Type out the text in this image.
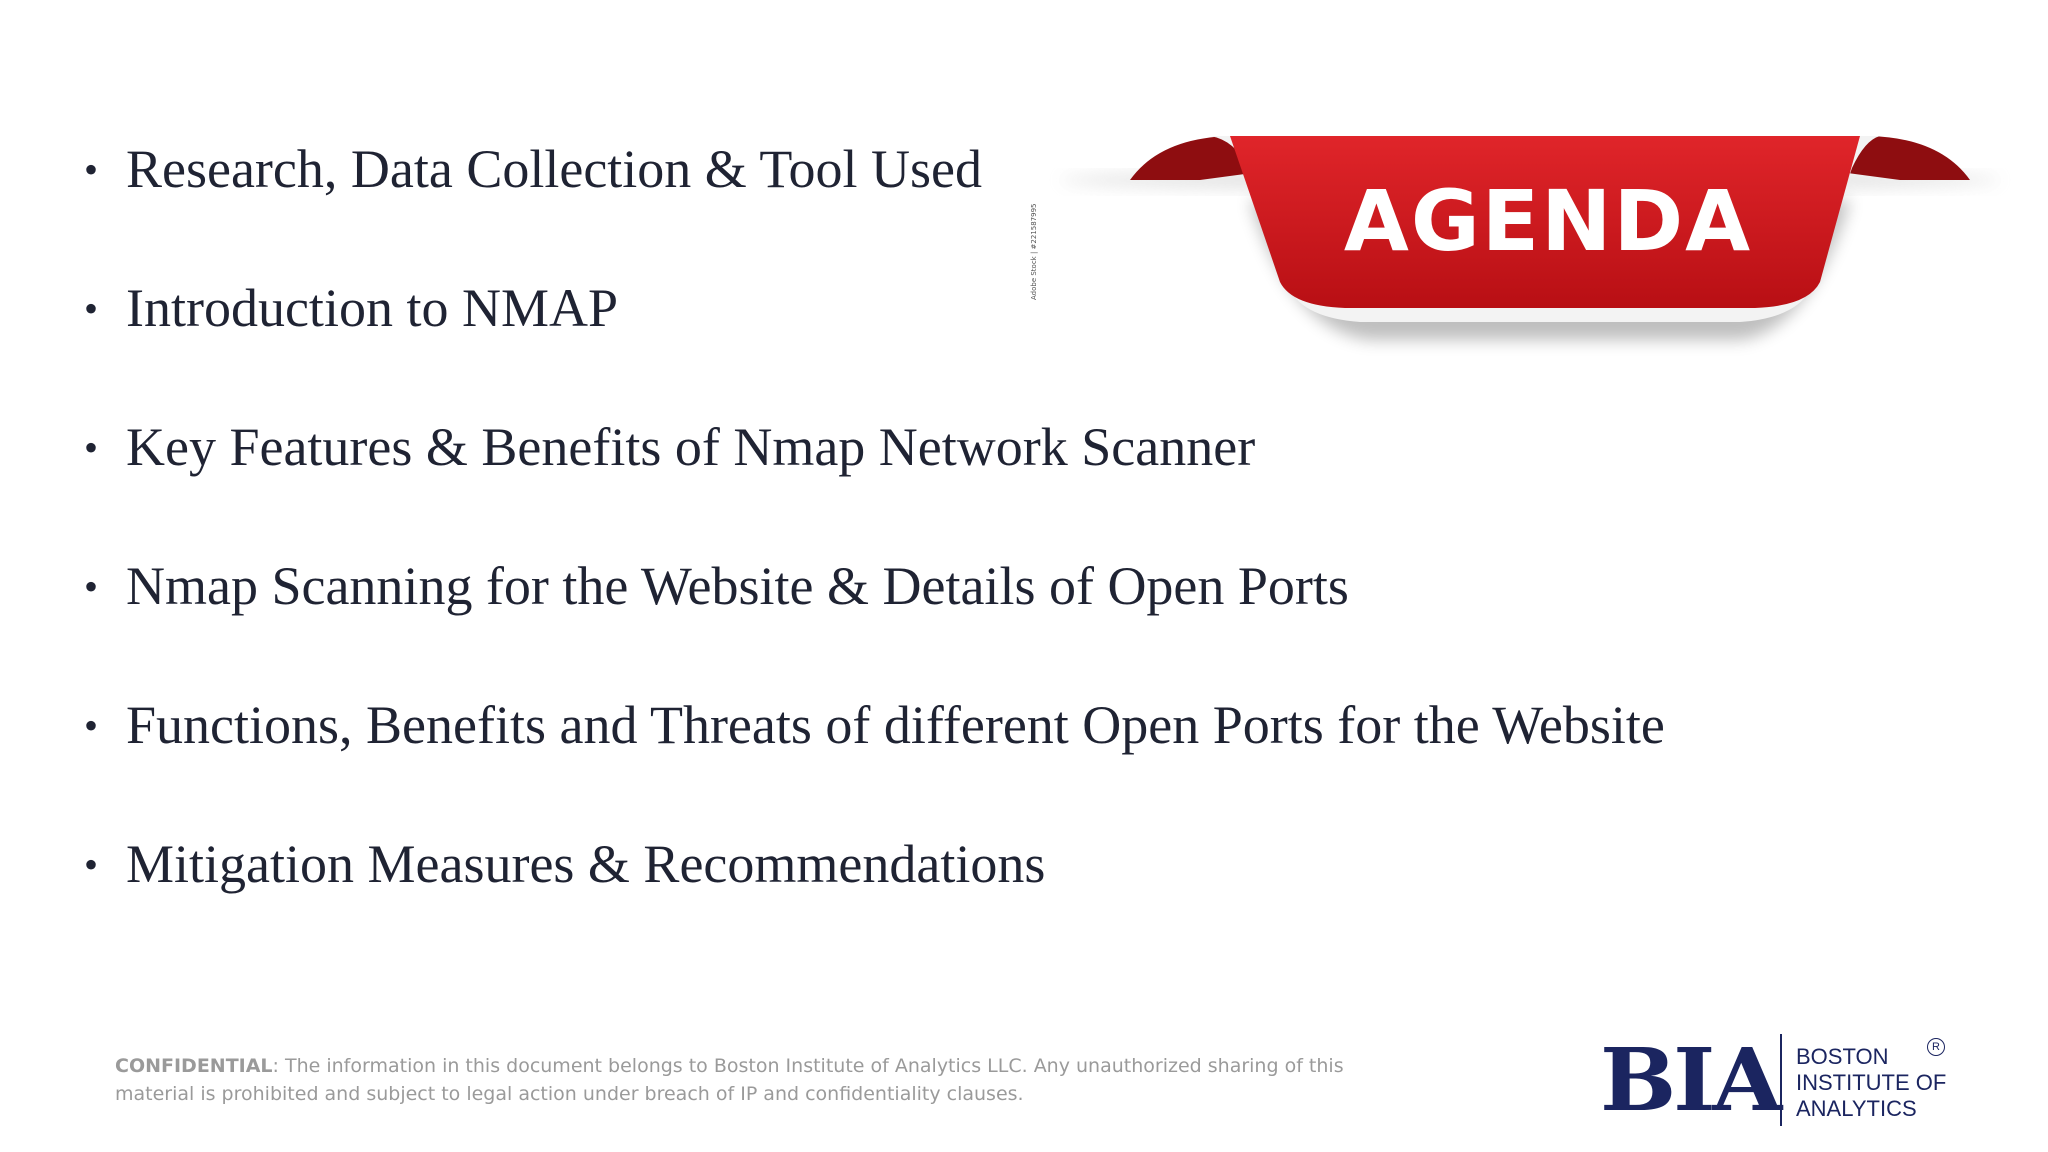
AGENDA
Adobe Stock | #221587995
• Research, Data Collection & Tool Used
• Introduction to NMAP
• Key Features & Benefits of Nmap Network Scanner
• Nmap Scanning for the Website & Details of Open Ports
• Functions, Benefits and Threats of different Open Ports for the Website
• Mitigation Measures & Recommendations
CONFIDENTIAL: The information in this document belongs to Boston Institute of Analytics LLC. Any unauthorized sharing of this material is prohibited and subject to legal action under breach of IP and confidentiality clauses.	BIA BOSTON
INSTITUTE OF
ANALYTICS
R
